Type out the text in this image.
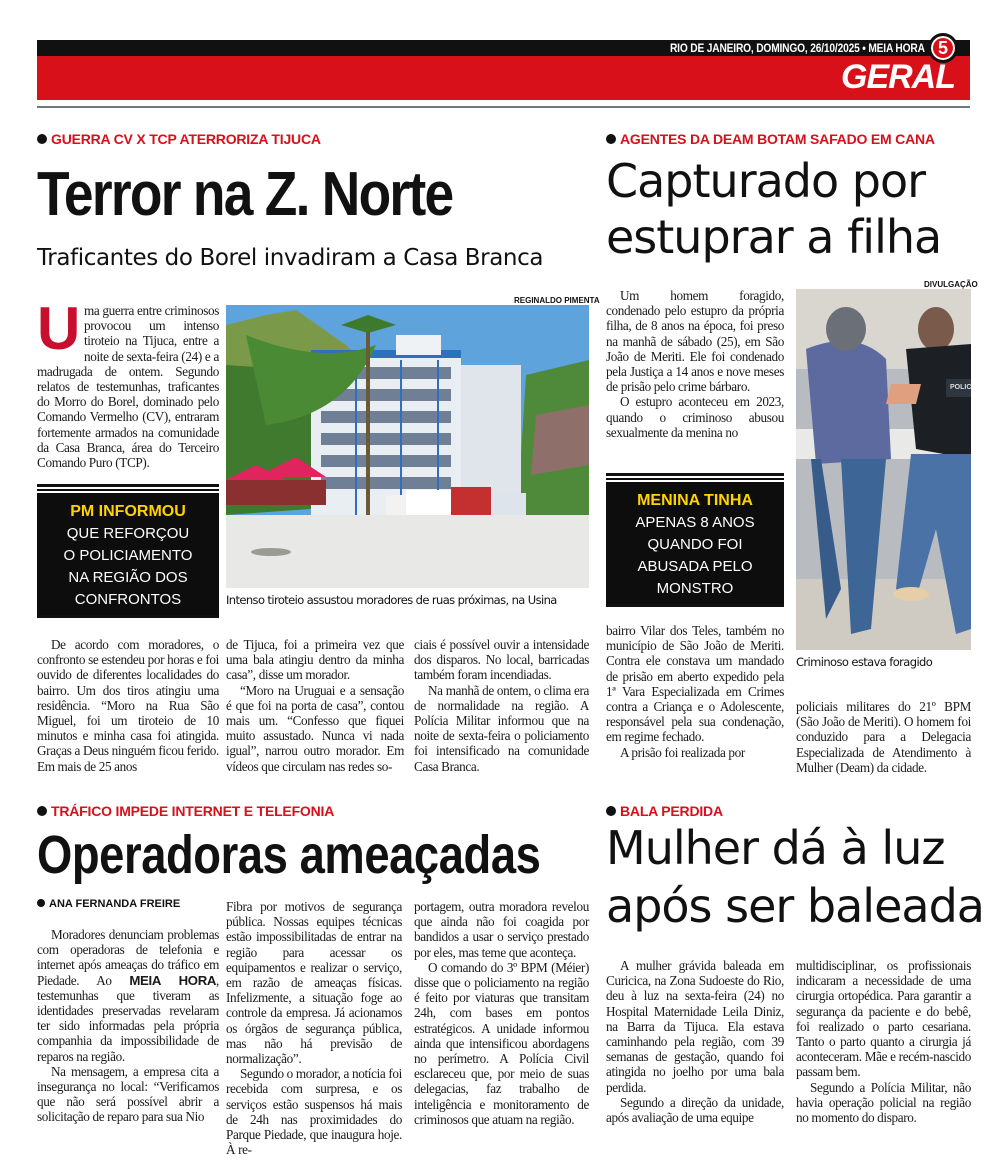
RIO DE JANEIRO, DOMINGO, 26/10/2025 • MEIA HORA 5
GERAL
GUERRA CV X TCP ATERRORIZA TIJUCA
Terror na Z. Norte
Traficantes do Borel invadiram a Casa Branca

Uma guerra entre criminosos provocou um intenso tiroteio na Tijuca, entre a noite de sexta-feira (24) e a madrugada de ontem. Segundo relatos de testemunhas, traficantes do Morro do Borel, dominado pelo Comando Vermelho (CV), entraram fortemente armados na comunidade da Casa Branca, área do Terceiro Comando Puro (TCP).

PM INFORMOU
QUE REFORÇOU
O POLICIAMENTO
NA REGIÃO DOS
CONFRONTOS
REGINALDO PIMENTA
Intenso tiroteio assustou moradores de ruas próximas, na Usina

De acordo com moradores, o confronto se estendeu por horas e foi ouvido de diferentes localidades do bairro. Um dos tiros atingiu uma residência. “Moro na Rua São Miguel, foi um tiroteio de 10 minutos e minha casa foi atingida. Graças a Deus ninguém ficou ferido. Em mais de 25 anos

de Tijuca, foi a primeira vez que uma bala atingiu dentro da minha casa”, disse um morador.

“Moro na Uruguai e a sensação é que foi na porta de casa”, contou mais um. “Confesso que fiquei muito assustado. Nunca vi nada igual”, narrou outro morador. Em vídeos que circulam nas redes so-

ciais é possível ouvir a intensidade dos disparos. No local, barricadas também foram incendiadas.

Na manhã de ontem, o clima era de normalidade na região. A Polícia Militar informou que na noite de sexta-feira o policiamento foi intensificado na comunidade Casa Branca.

AGENTES DA DEAM BOTAM SAFADO EM CANA
Capturado por
estuprar a filha

Um homem foragido, condenado pelo estupro da própria filha, de 8 anos na época, foi preso na manhã de sábado (25), em São João de Meriti. Ele foi condenado pela Justiça a 14 anos e nove meses de prisão pelo crime bárbaro.

O estupro aconteceu em 2023, quando o criminoso abusou sexualmente da menina no

MENINA TINHA
APENAS 8 ANOS
QUANDO FOI
ABUSADA PELO
MONSTRO

bairro Vilar dos Teles, também no município de São João de Meriti. Contra ele constava um mandado de prisão em aberto expedido pela 1ª Vara Especializada em Crimes contra a Criança e o Adolescente, responsável pela sua condenação, em regime fechado.

A prisão foi realizada por

DIVULGAÇÃO
POLIC
Criminoso estava foragido

policiais militares do 21º BPM (São João de Meriti). O homem foi conduzido para a Delegacia Especializada de Atendimento à Mulher (Deam) da cidade.

TRÁFICO IMPEDE INTERNET E TELEFONIA
Operadoras ameaçadas
ANA FERNANDA FREIRE

Moradores denunciam problemas com operadoras de telefonia e internet após ameaças do tráfico em Piedade. Ao MEIA HORA, testemunhas que tiveram as identidades preservadas revelaram ter sido informadas pela própria companhia da impossibilidade de reparos na região.

Na mensagem, a empresa cita a insegurança no local: “Verificamos que não será possível abrir a solicitação de reparo para sua Nio

Fibra por motivos de segurança pública. Nossas equipes técnicas estão impossibilitadas de entrar na região para acessar os equipamentos e realizar o serviço, em razão de ameaças físicas. Infelizmente, a situação foge ao controle da empresa. Já acionamos os órgãos de segurança pública, mas não há previsão de normalização”.

Segundo o morador, a notícia foi recebida com surpresa, e os serviços estão suspensos há mais de 24h nas proximidades do Parque Piedade, que inaugura hoje. À re-

portagem, outra moradora revelou que ainda não foi coagida por bandidos a usar o serviço prestado por eles, mas teme que aconteça.

O comando do 3º BPM (Méier) disse que o policiamento na região é feito por viaturas que transitam 24h, com bases em pontos estratégicos. A unidade informou ainda que intensificou abordagens no perímetro. A Polícia Civil esclareceu que, por meio de suas delegacias, faz trabalho de inteligência e monitoramento de criminosos que atuam na região.

BALA PERDIDA
Mulher dá à luz
após ser baleada

A mulher grávida baleada em Curicica, na Zona Sudoeste do Rio, deu à luz na sexta-feira (24) no Hospital Maternidade Leila Diniz, na Barra da Tijuca. Ela estava caminhando pela região, com 39 semanas de gestação, quando foi atingida no joelho por uma bala perdida.

Segundo a direção da unidade, após avaliação de uma equipe

multidisciplinar, os profissionais indicaram a necessidade de uma cirurgia ortopédica. Para garantir a segurança da paciente e do bebê, foi realizado o parto cesariana. Tanto o parto quanto a cirurgia já aconteceram. Mãe e recém-nascido passam bem.

Segundo a Polícia Militar, não havia operação policial na região no momento do disparo.
